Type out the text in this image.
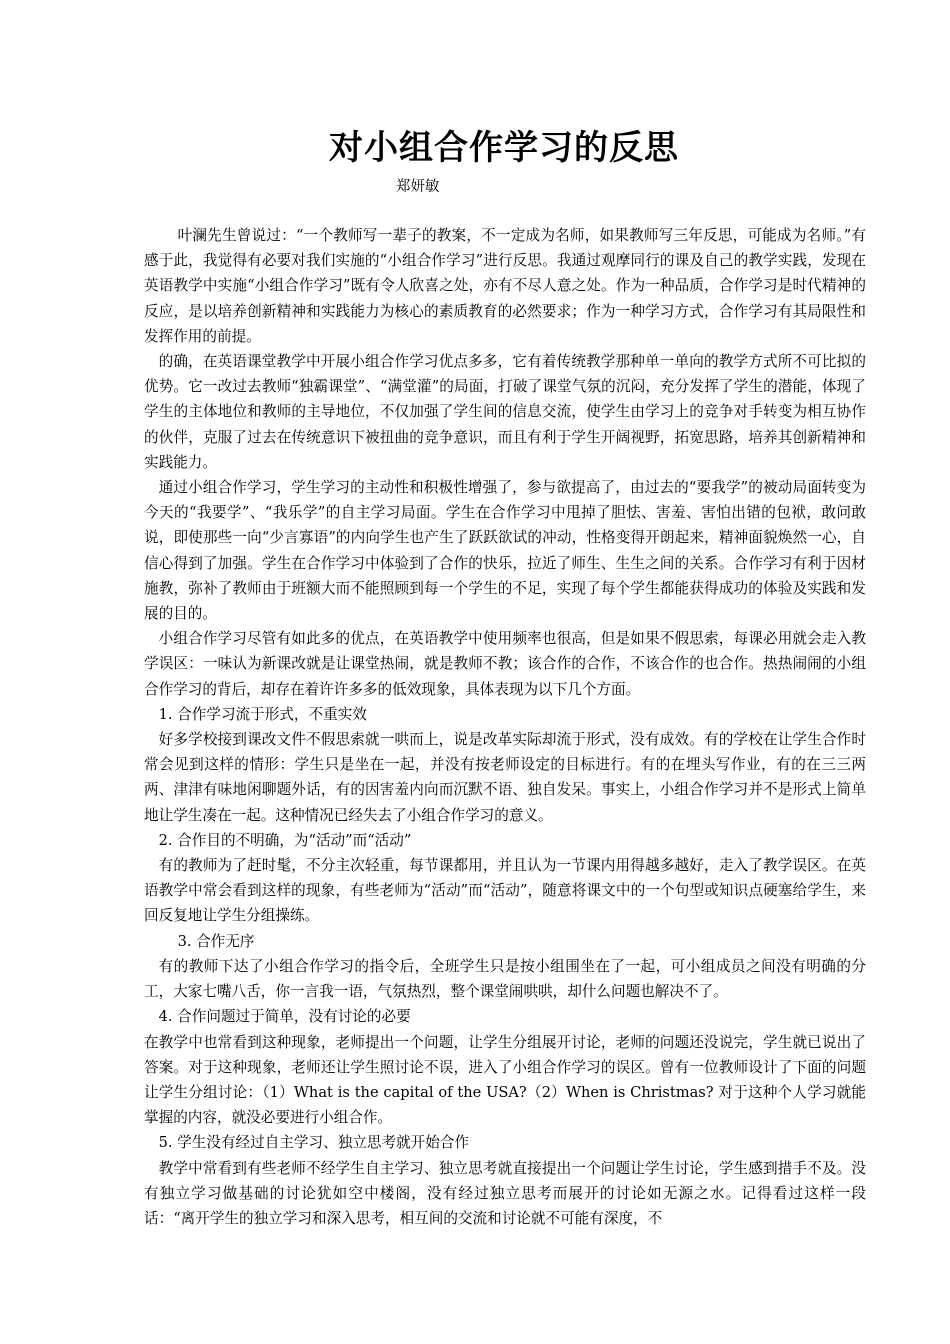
对小组合作学习的反思
郑妍敏

叶澜先生曾说过：“一个教师写一辈子的教案，不一定成为名师，如果教师写三年反思，可能成为名师。”有感于此，我觉得有必要对我们实施的“小组合作学习”进行反思。我通过观摩同行的课及自己的教学实践，发现在英语教学中实施“小组合作学习”既有令人欣喜之处，亦有不尽人意之处。作为一种品质，合作学习是时代精神的反应，是以培养创新精神和实践能力为核心的素质教育的必然要求；作为一种学习方式，合作学习有其局限性和发挥作用的前提。

的确，在英语课堂教学中开展小组合作学习优点多多，它有着传统教学那种单一单向的教学方式所不可比拟的优势。它一改过去教师“独霸课堂”、“满堂灌”的局面，打破了课堂气氛的沉闷，充分发挥了学生的潜能，体现了学生的主体地位和教师的主导地位，不仅加强了学生间的信息交流，使学生由学习上的竞争对手转变为相互协作的伙伴，克服了过去在传统意识下被扭曲的竞争意识，而且有利于学生开阔视野，拓宽思路，培养其创新精神和实践能力。

通过小组合作学习，学生学习的主动性和积极性增强了，参与欲提高了，由过去的“要我学”的被动局面转变为今天的“我要学”、“我乐学”的自主学习局面。学生在合作学习中甩掉了胆怯、害羞、害怕出错的包袱，敢问敢说，即使那些一向“少言寡语”的内向学生也产生了跃跃欲试的冲动，性格变得开朗起来，精神面貌焕然一心，自信心得到了加强。学生在合作学习中体验到了合作的快乐，拉近了师生、生生之间的关系。合作学习有利于因材施教，弥补了教师由于班额大而不能照顾到每一个学生的不足，实现了每个学生都能获得成功的体验及实践和发展的目的。

小组合作学习尽管有如此多的优点，在英语教学中使用频率也很高，但是如果不假思索，每课必用就会走入教学误区：一味认为新课改就是让课堂热闹，就是教师不教；该合作的合作，不该合作的也合作。热热闹闹的小组合作学习的背后，却存在着许许多多的低效现象，具体表现为以下几个方面。

1. 合作学习流于形式，不重实效

好多学校接到课改文件不假思索就一哄而上，说是改革实际却流于形式，没有成效。有的学校在让学生合作时常会见到这样的情形：学生只是坐在一起，并没有按老师设定的目标进行。有的在埋头写作业，有的在三三两两、津津有味地闲聊题外话，有的因害羞内向而沉默不语、独自发呆。事实上，小组合作学习并不是形式上简单地让学生凑在一起。这种情况已经失去了小组合作学习的意义。

2. 合作目的不明确，为“活动”而“活动”

有的教师为了赶时髦，不分主次轻重，每节课都用，并且认为一节课内用得越多越好，走入了教学误区。在英语教学中常会看到这样的现象，有些老师为“活动”而“活动”，随意将课文中的一个句型或知识点硬塞给学生，来回反复地让学生分组操练。

3. 合作无序

有的教师下达了小组合作学习的指令后，全班学生只是按小组围坐在了一起，可小组成员之间没有明确的分工，大家七嘴八舌，你一言我一语，气氛热烈，整个课堂闹哄哄，却什么问题也解决不了。

4. 合作问题过于简单，没有讨论的必要

在教学中也常看到这种现象，老师提出一个问题，让学生分组展开讨论，老师的问题还没说完，学生就已说出了答案。对于这种现象，老师还让学生照讨论不误，进入了小组合作学习的误区。曾有一位教师设计了下面的问题让学生分组讨论：（1）What is the capital of the USA?（2）When is Christmas? 对于这种个人学习就能掌握的内容，就没必要进行小组合作。

5. 学生没有经过自主学习、独立思考就开始合作

教学中常看到有些老师不经学生自主学习、独立思考就直接提出一个问题让学生讨论，学生感到措手不及。没有独立学习做基础的讨论犹如空中楼阁，没有经过独立思考而展开的讨论如无源之水。记得看过这样一段话：“离开学生的独立学习和深入思考，相互间的交流和讨论就不可能有深度，不
